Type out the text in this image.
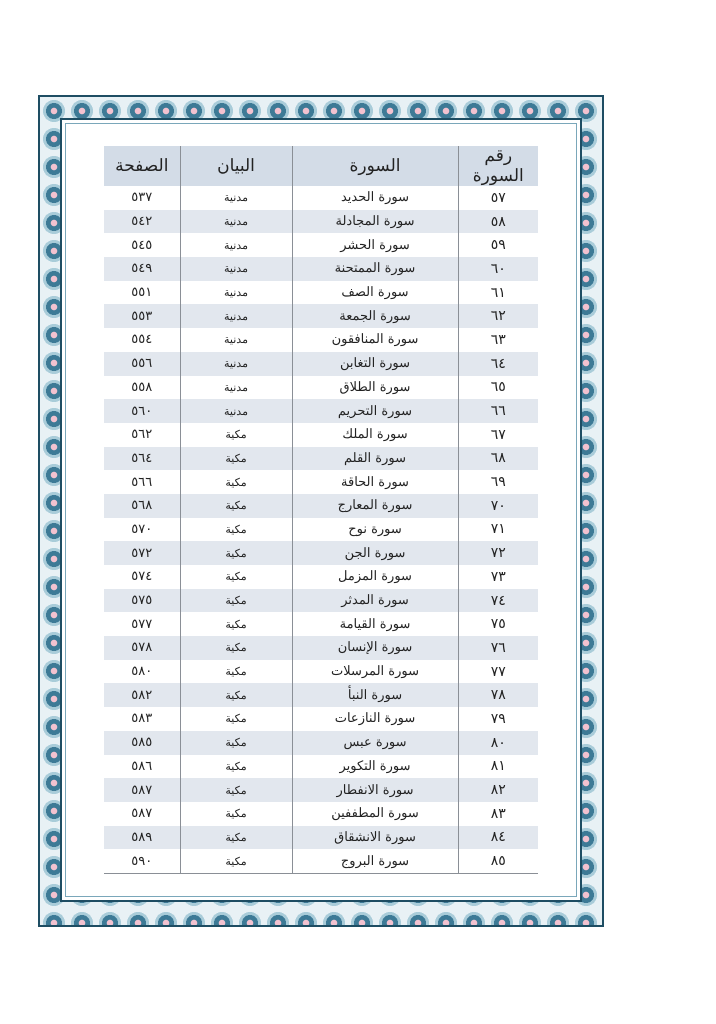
رقم السورة	السورة	البيان	الصفحة
٥٧	سورة الحديد	مدنية	٥٣٧
٥٨	سورة المجادلة	مدنية	٥٤٢
٥٩	سورة الحشر	مدنية	٥٤٥
٦٠	سورة الممتحنة	مدنية	٥٤٩
٦١	سورة الصف	مدنية	٥٥١
٦٢	سورة الجمعة	مدنية	٥٥٣
٦٣	سورة المنافقون	مدنية	٥٥٤
٦٤	سورة التغابن	مدنية	٥٥٦
٦٥	سورة الطلاق	مدنية	٥٥٨
٦٦	سورة التحريم	مدنية	٥٦٠
٦٧	سورة الملك	مكية	٥٦٢
٦٨	سورة القلم	مكية	٥٦٤
٦٩	سورة الحاقة	مكية	٥٦٦
٧٠	سورة المعارج	مكية	٥٦٨
٧١	سورة نوح	مكية	٥٧٠
٧٢	سورة الجن	مكية	٥٧٢
٧٣	سورة المزمل	مكية	٥٧٤
٧٤	سورة المدثر	مكية	٥٧٥
٧٥	سورة القيامة	مكية	٥٧٧
٧٦	سورة الإنسان	مكية	٥٧٨
٧٧	سورة المرسلات	مكية	٥٨٠
٧٨	سورة النبأ	مكية	٥٨٢
٧٩	سورة النازعات	مكية	٥٨٣
٨٠	سورة عبس	مكية	٥٨٥
٨١	سورة التكوير	مكية	٥٨٦
٨٢	سورة الانفطار	مكية	٥٨٧
٨٣	سورة المطففين	مكية	٥٨٧
٨٤	سورة الانشقاق	مكية	٥٨٩
٨٥	سورة البروج	مكية	٥٩٠
